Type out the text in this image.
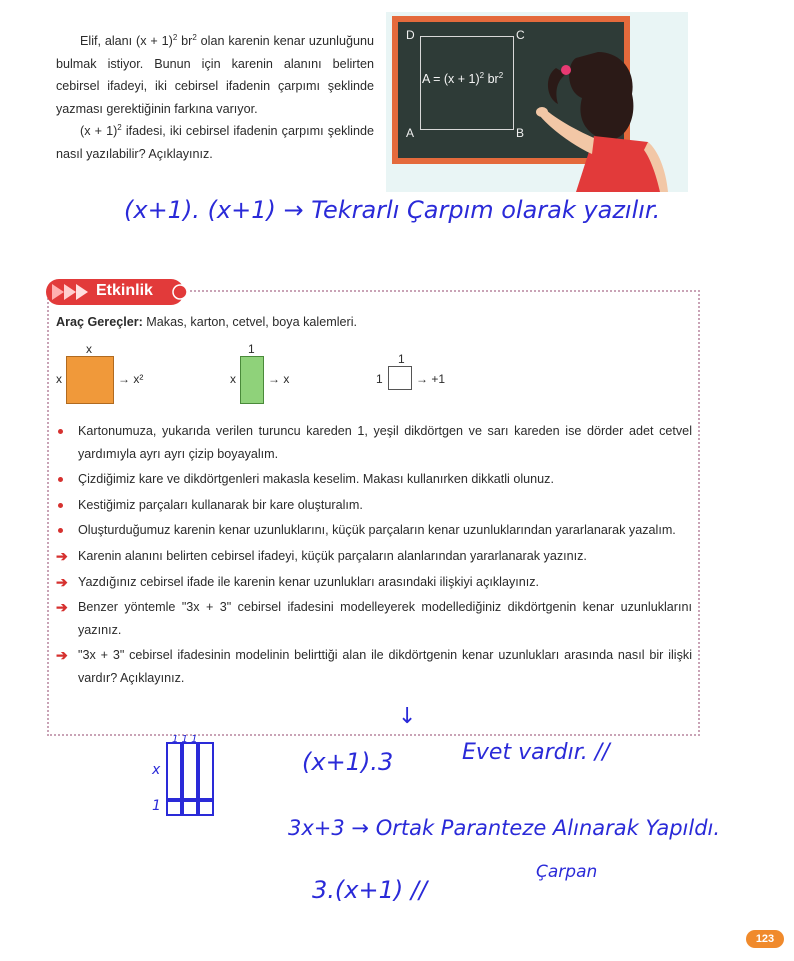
Elif, alanı $(x + 1)^2$ $br^2$ olan karenin kenar uzunluğunu bulmak istiyor. Bunun için karenin alanını belirten cebirsel ifadeyi, iki cebirsel ifadenin çarpımı şeklinde yazması gerektiğinin farkına varıyor.

$(x + 1)^2$ ifadesi, iki cebirsel ifadenin çarpımı şeklinde nasıl yazılabilir? Açıklayınız.

D	C
A	B
$A = (x + 1)^2$ $br^2$
(x+1). (x+1) → Tekrarlı Çarpım olarak yazılır.
Etkinlik
Araç Gereçler: Makas, karton, cetvel, boya kalemleri.
x
x	→ x²
1
x	→ x
1
1	→ +1
Kartonumuza, yukarıda verilen turuncu kareden 1, yeşil dikdörtgen ve sarı kareden ise dörder adet cetvel yardımıyla ayrı ayrı çizip boyayalım.
Çizdiğimiz kare ve dikdörtgenleri makasla keselim. Makası kullanırken dikkatli olunuz.
Kestiğimiz parçaları kullanarak bir kare oluşturalım.
Oluşturduğumuz karenin kenar uzunluklarını, küçük parçaların kenar uzunluklarından yararlanarak yazalım.
➔ Karenin alanını belirten cebirsel ifadeyi, küçük parçaların alanlarından yararlanarak yazınız.
➔ Yazdığınız cebirsel ifade ile karenin kenar uzunlukları arasındaki ilişkiyi açıklayınız.
➔ Benzer yöntemle "3x + 3" cebirsel ifadesini modelleyerek modellediğiniz dikdörtgenin kenar uzunluklarını yazınız.
➔ "3x + 3" cebirsel ifadesinin modelinin belirttiği alan ile dikdörtgenin kenar uzunlukları arasında nasıl bir ilişki vardır? Açıklayınız.
1 1 1
x
1
↓
(x+1).3	Evet vardır. //
3x+3 → Ortak Paranteze Alınarak Yapıldı.
Çarpan
3.(x+1) //
123
